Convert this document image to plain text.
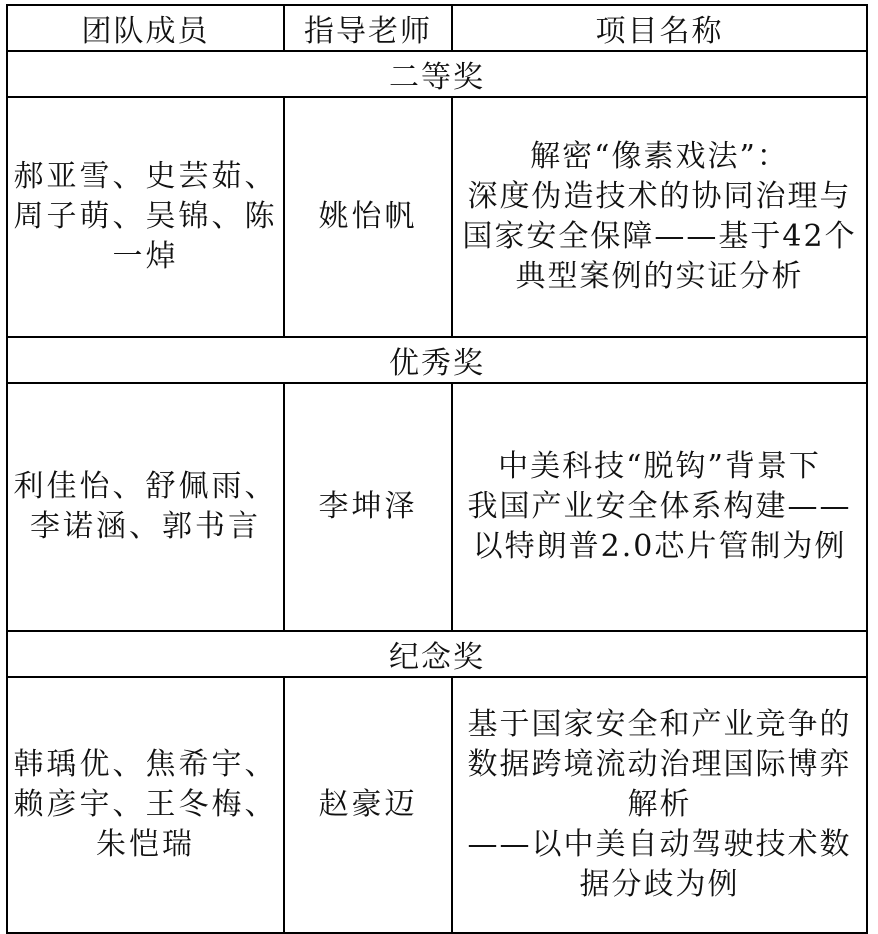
团队成员	指导老师	项目名称
二等奖		

郝亚雪、史芸茹、
周子萌、吴锦、陈
一焯	姚怡帆	解密“像素戏法”：
深度伪造技术的协同治理与
国家安全保障——基于42个
典型案例的实证分析

优秀奖		

利佳怡、舒佩雨、
李诺涵、郭书言	李坤泽	中美科技“脱钩”背景下
我国产业安全体系构建——
以特朗普2.0芯片管制为例

纪念奖		

韩瑀优、焦希宇、
赖彦宇、王冬梅、
朱恺瑞	赵豪迈	基于国家安全和产业竞争的
数据跨境流动治理国际博弈
解析
——以中美自动驾驶技术数
据分歧为例
